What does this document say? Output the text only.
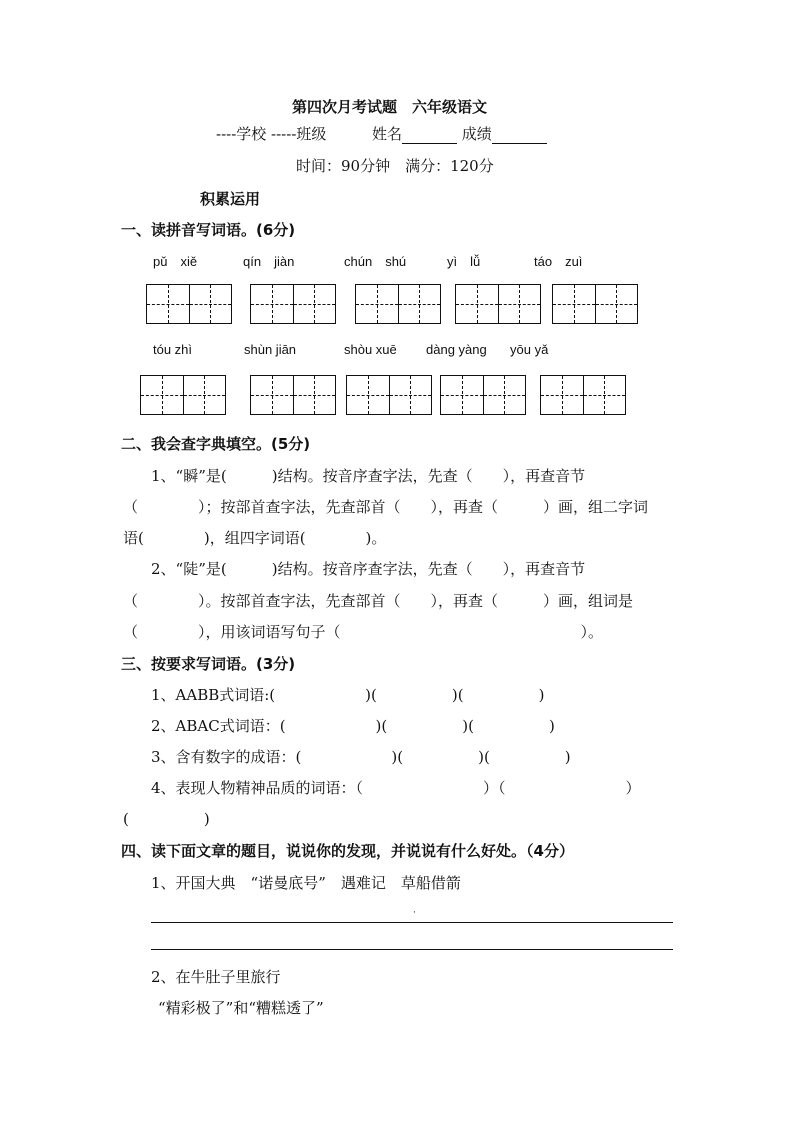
第四次月考试题　六年级语文
----学校 -----班级	姓名	成绩
时间：90分钟　满分：120分
积累运用
一、读拼音写词语。(6分)
pǔ　xiě	qín　jiàn	chún　shú	yì　lǚ	táo　zuì
tóu zhì	shùn jiān	shòu xuē dàng yàng yōu yǎ
二、我会查字典填空。(5分)
1、“瞬”是(　　　)结构。按音序查字法，先查（　　），再查音节
（　　　　）；按部首查字法，先查部首（　　），再查（　　　）画，组二字词
语(　　　　)，组四字词语(　　　　)。
2、“陡”是(　　　)结构。按音序查字法，先查（　　），再查音节
（　　　　）。按部首查字法，先查部首（　　），再查（　　　）画，组词是
（　　　　），用该词语写句子（　　　　　　　　　　　　　　　　）。
三、按要求写词语。(3分)
1、AABB式词语:(　　　　　　)(　　　　　)(　　　　　)
2、ABAC式词语：(　　　　　　)(　　　　　)(　　　　　)
3、含有数字的成语：(　　　　　　)(　　　　　)(　　　　　)
4、表现人物精神品质的词语：（　　　　　　　　）（　　　　　　　　）
(　　　　　)
四、读下面文章的题目，说说你的发现，并说说有什么好处。（4分）
1、开国大典　“诺曼底号”　遇难记　草船借箭
·
2、在牛肚子里旅行
“精彩极了”和“糟糕透了”
